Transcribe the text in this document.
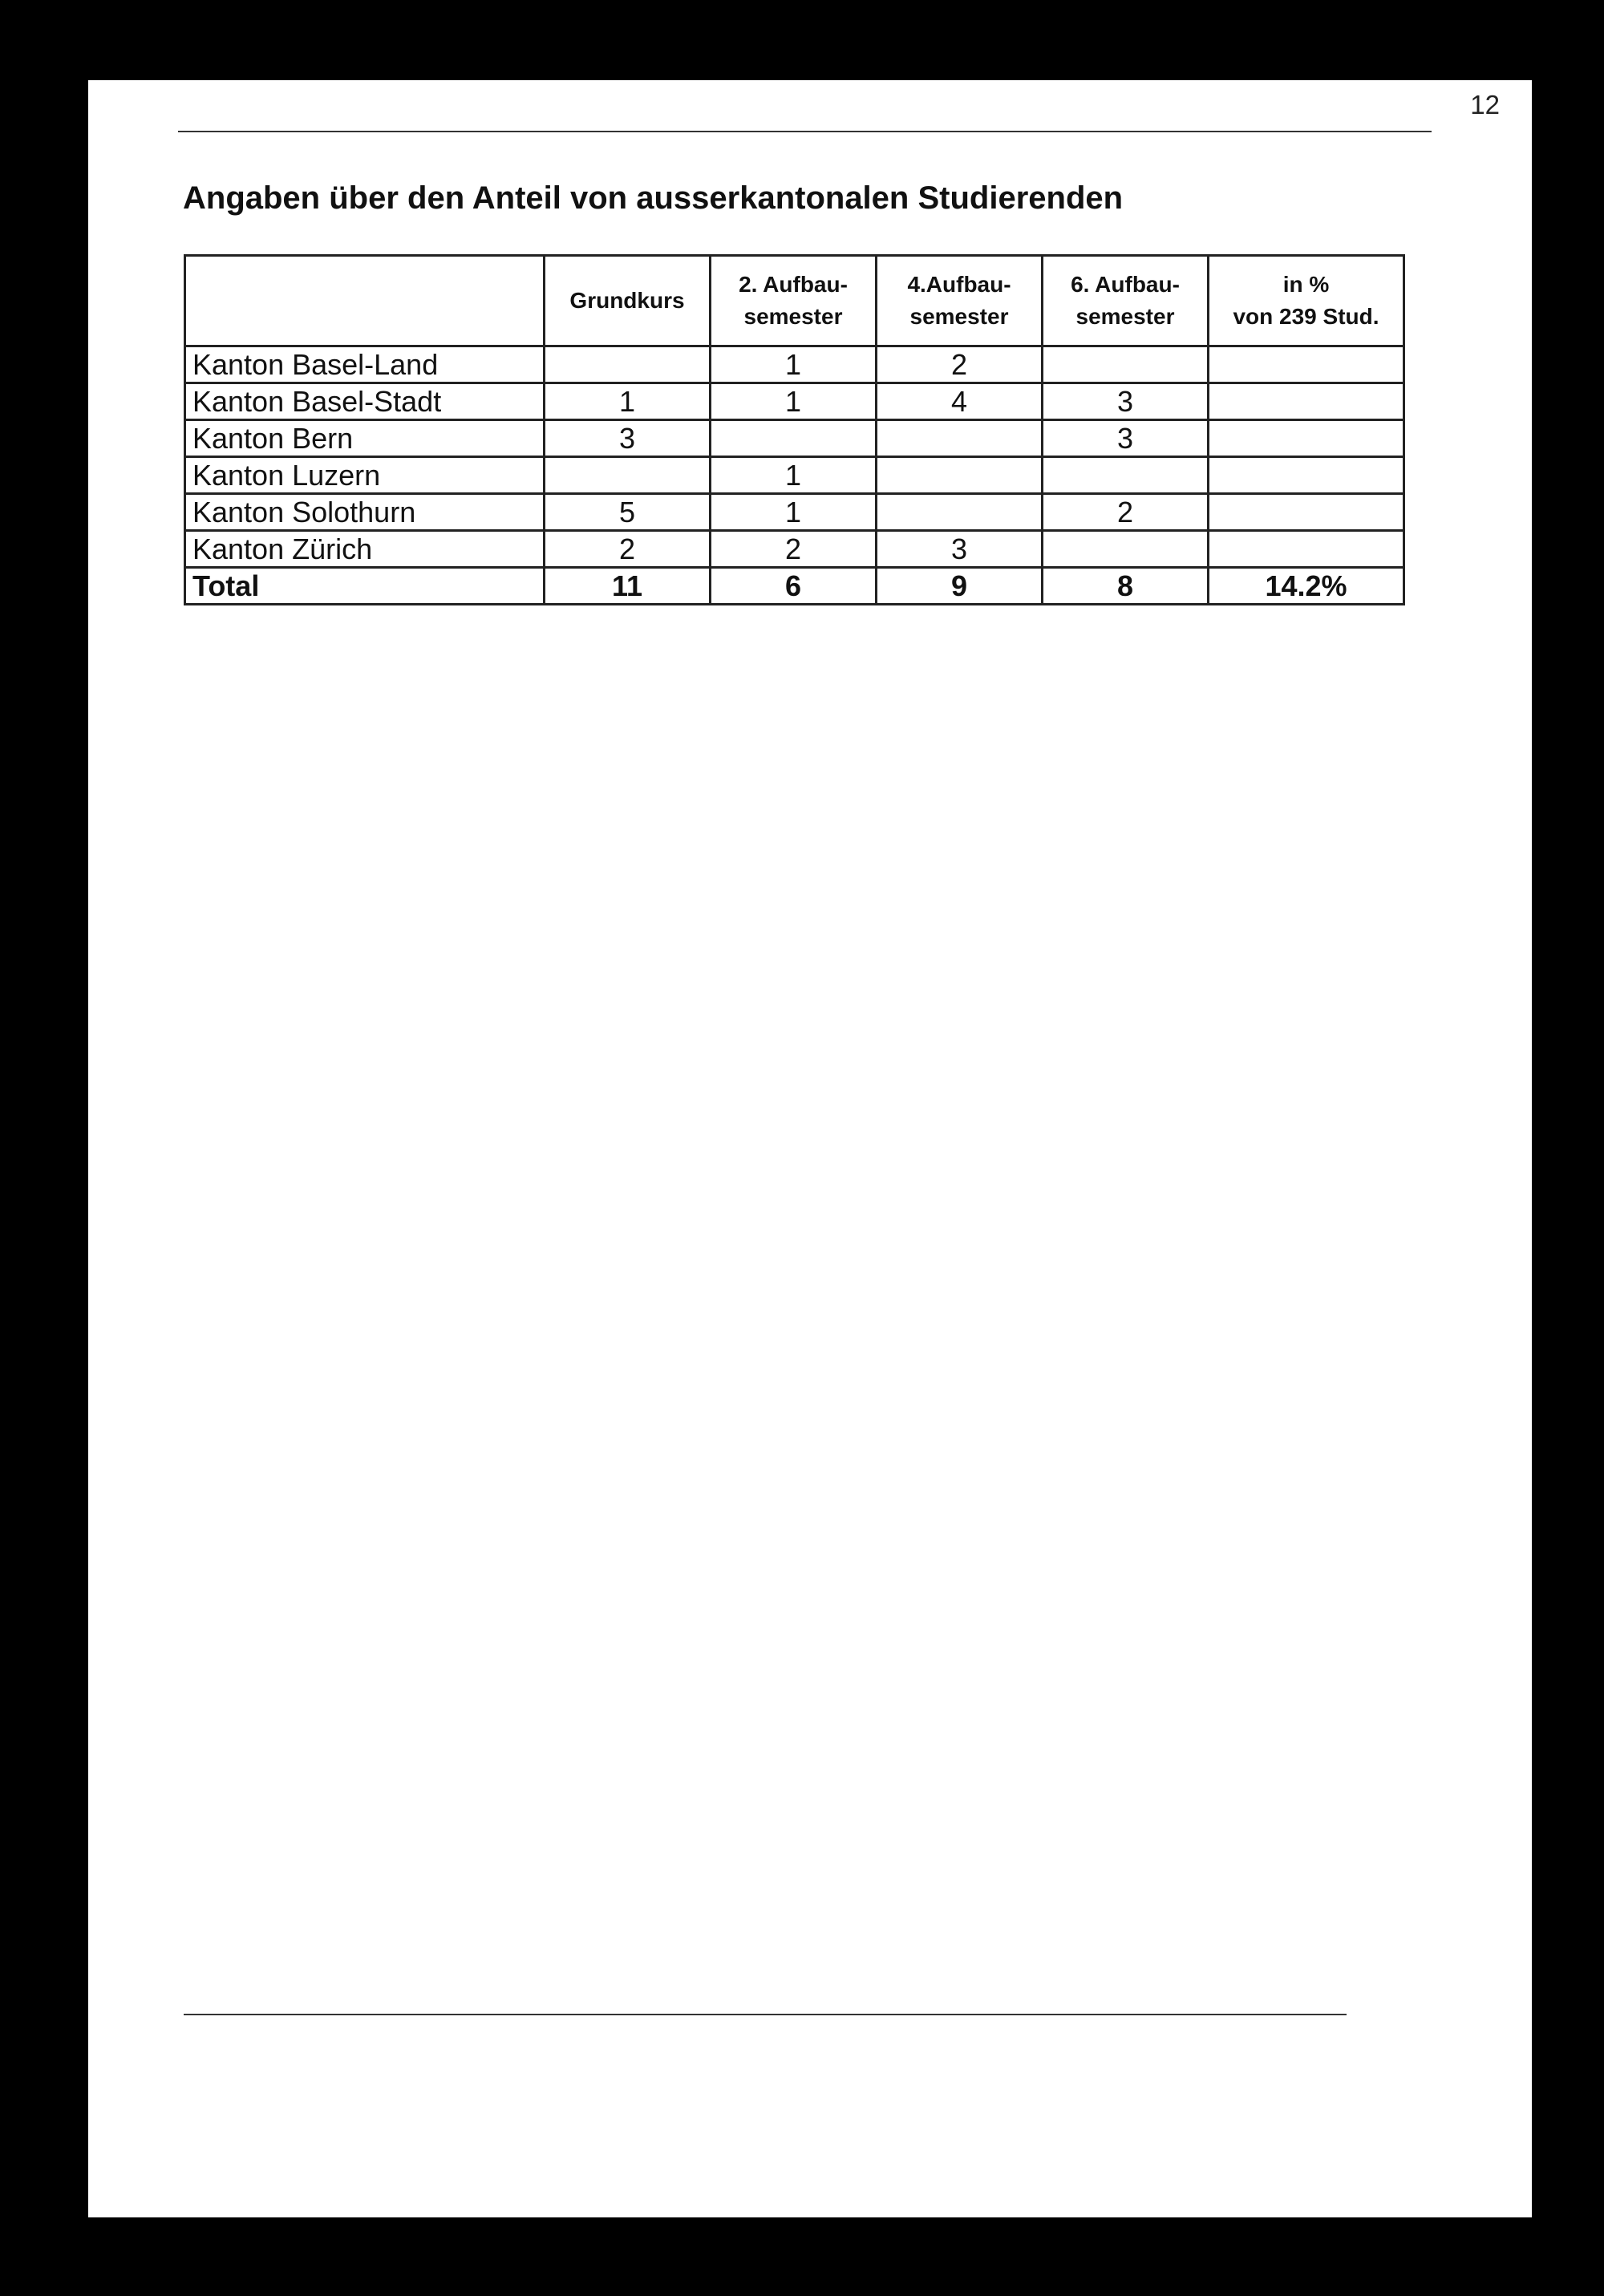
12
Angaben über den Anteil von ausserkantonalen Studierenden

	Grundkurs	2. Aufbau-
semester	4.Aufbau-
semester	6. Aufbau-
semester	in %
von 239 Stud.

Kanton Basel-Land		1	2		
Kanton Basel-Stadt	1	1	4	3	
Kanton Bern	3			3	
Kanton Luzern		1			
Kanton Solothurn	5	1		2	
Kanton Zürich	2	2	3		
Total	11	6	9	8	14.2%
